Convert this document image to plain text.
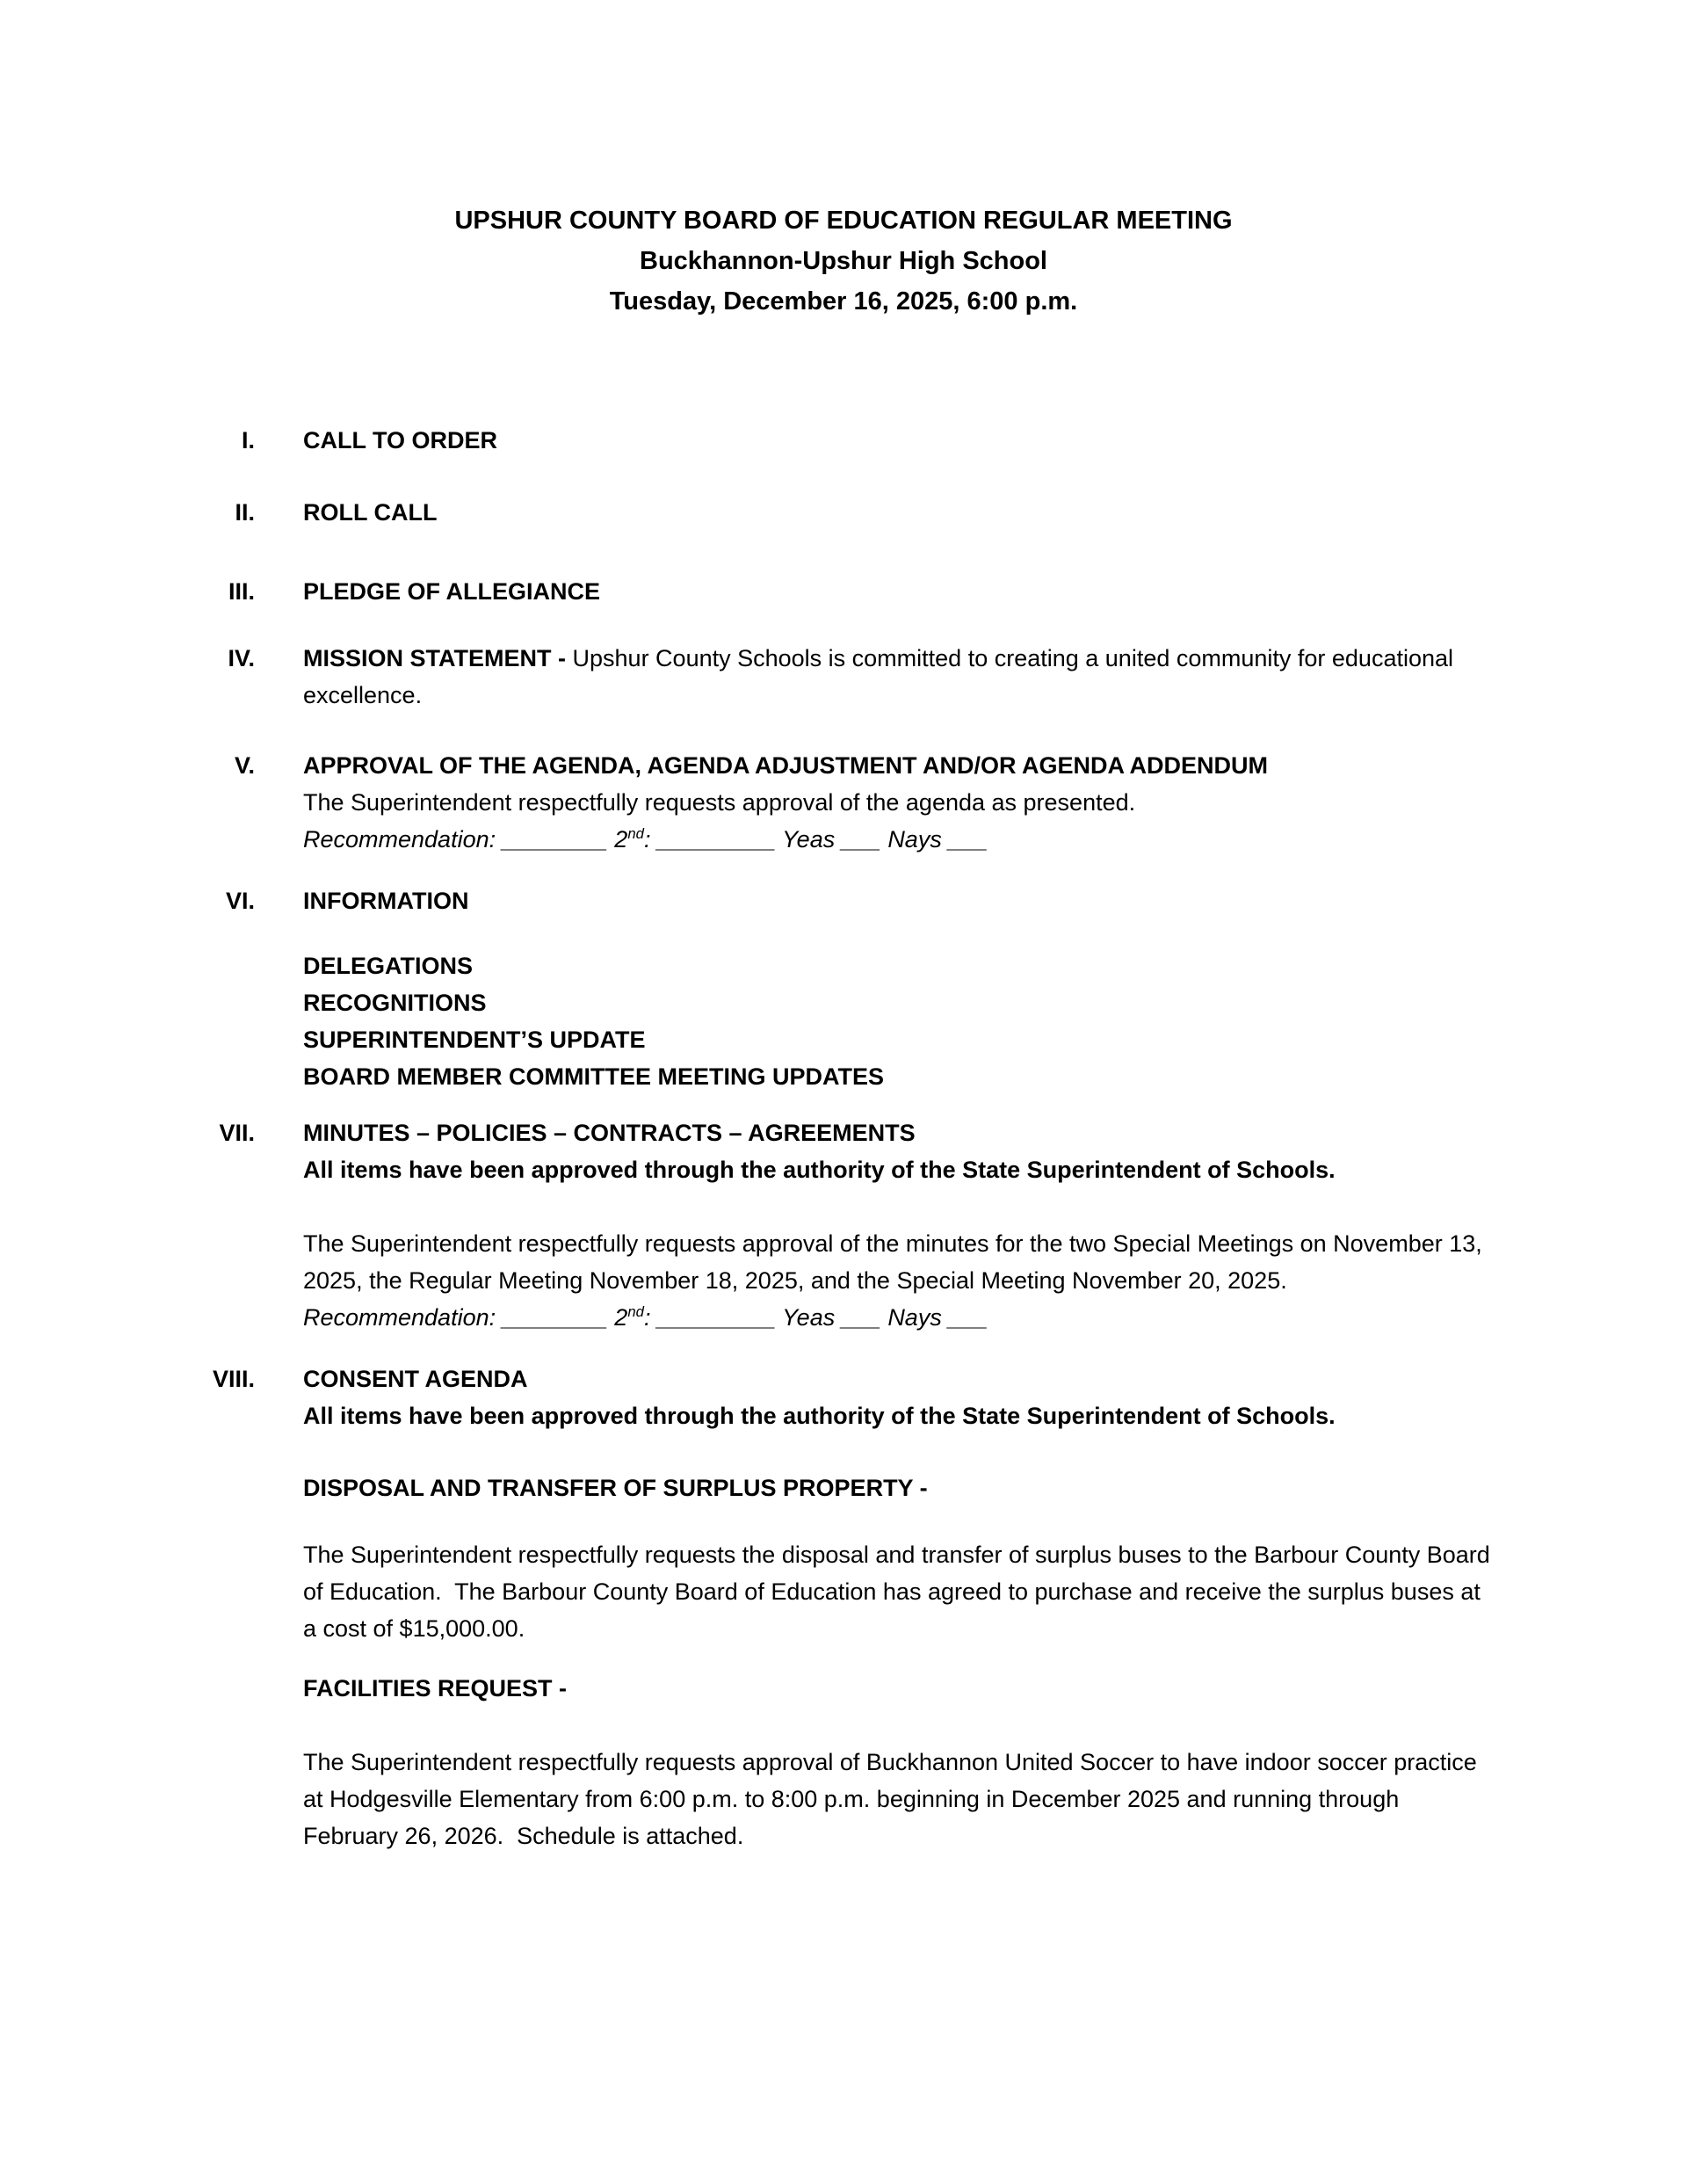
UPSHUR COUNTY BOARD OF EDUCATION REGULAR MEETING
Buckhannon-Upshur High School
Tuesday, December 16, 2025, 6:00 p.m.
I. CALL TO ORDER

II. ROLL CALL

III. PLEDGE OF ALLEGIANCE

IV. MISSION STATEMENT - Upshur County Schools is committed to creating a united community for educational excellence.

V. APPROVAL OF THE AGENDA, AGENDA ADJUSTMENT AND/OR AGENDA ADDENDUM

The Superintendent respectfully requests approval of the agenda as presented.

Recommendation: ________ 2nd: _________ Yeas ___ Nays ___

VI. INFORMATION

DELEGATIONS

RECOGNITIONS

SUPERINTENDENT’S UPDATE

BOARD MEMBER COMMITTEE MEETING UPDATES

VII. MINUTES – POLICIES – CONTRACTS – AGREEMENTS

All items have been approved through the authority of the State Superintendent of Schools.

The Superintendent respectfully requests approval of the minutes for the two Special Meetings on November 13, 2025, the Regular Meeting November 18, 2025, and the Special Meeting November 20, 2025.

Recommendation: ________ 2nd: _________ Yeas ___ Nays ___

VIII. CONSENT AGENDA

All items have been approved through the authority of the State Superintendent of Schools.

DISPOSAL AND TRANSFER OF SURPLUS PROPERTY -

The Superintendent respectfully requests the disposal and transfer of surplus buses to the Barbour County Board of Education.  The Barbour County Board of Education has agreed to purchase and receive the surplus buses at a cost of $15,000.00.

FACILITIES REQUEST -

The Superintendent respectfully requests approval of Buckhannon United Soccer to have indoor soccer practice at Hodgesville Elementary from 6:00 p.m. to 8:00 p.m. beginning in December 2025 and running through February 26, 2026.  Schedule is attached.
